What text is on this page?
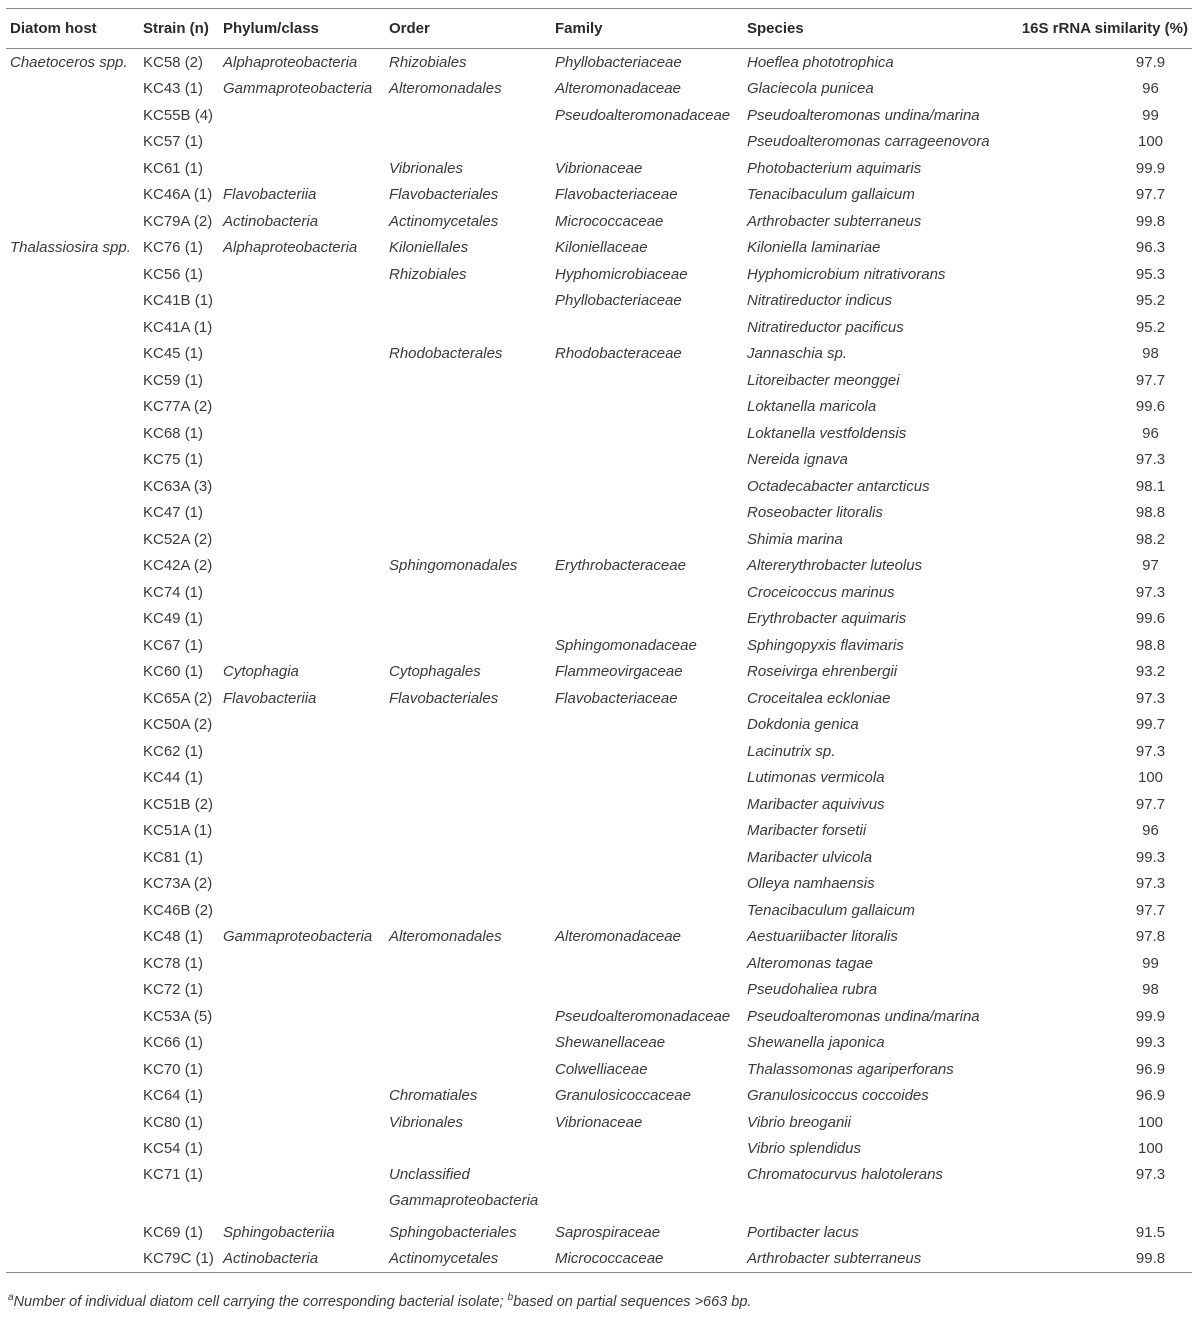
Diatom host	Strain (n)	Phylum/class	Order	Family	Species	16S rRNA similarity (%)
Chaetoceros spp.	KC58 (2)	Alphaproteobacteria	Rhizobiales	Phyllobacteriaceae	Hoeflea phototrophica	97.9
	KC43 (1)	Gammaproteobacteria	Alteromonadales	Alteromonadaceae	Glaciecola punicea	96
	KC55B (4)			Pseudoalteromonadaceae	Pseudoalteromonas undina/marina	99
	KC57 (1)				Pseudoalteromonas carrageenovora	100
	KC61 (1)		Vibrionales	Vibrionaceae	Photobacterium aquimaris	99.9
	KC46A (1)	Flavobacteriia	Flavobacteriales	Flavobacteriaceae	Tenacibaculum gallaicum	97.7
	KC79A (2)	Actinobacteria	Actinomycetales	Micrococcaceae	Arthrobacter subterraneus	99.8
Thalassiosira spp.	KC76 (1)	Alphaproteobacteria	Kiloniellales	Kiloniellaceae	Kiloniella laminariae	96.3
	KC56 (1)		Rhizobiales	Hyphomicrobiaceae	Hyphomicrobium nitrativorans	95.3
	KC41B (1)			Phyllobacteriaceae	Nitratireductor indicus	95.2
	KC41A (1)				Nitratireductor pacificus	95.2
	KC45 (1)		Rhodobacterales	Rhodobacteraceae	Jannaschia sp.	98
	KC59 (1)				Litoreibacter meonggei	97.7
	KC77A (2)				Loktanella maricola	99.6
	KC68 (1)				Loktanella vestfoldensis	96
	KC75 (1)				Nereida ignava	97.3
	KC63A (3)				Octadecabacter antarcticus	98.1
	KC47 (1)				Roseobacter litoralis	98.8
	KC52A (2)				Shimia marina	98.2
	KC42A (2)		Sphingomonadales	Erythrobacteraceae	Altererythrobacter luteolus	97
	KC74 (1)				Croceicoccus marinus	97.3
	KC49 (1)				Erythrobacter aquimaris	99.6
	KC67 (1)			Sphingomonadaceae	Sphingopyxis flavimaris	98.8
	KC60 (1)	Cytophagia	Cytophagales	Flammeovirgaceae	Roseivirga ehrenbergii	93.2
	KC65A (2)	Flavobacteriia	Flavobacteriales	Flavobacteriaceae	Croceitalea eckloniae	97.3
	KC50A (2)				Dokdonia genica	99.7
	KC62 (1)				Lacinutrix sp.	97.3
	KC44 (1)				Lutimonas vermicola	100
	KC51B (2)				Maribacter aquivivus	97.7
	KC51A (1)				Maribacter forsetii	96
	KC81 (1)				Maribacter ulvicola	99.3
	KC73A (2)				Olleya namhaensis	97.3
	KC46B (2)				Tenacibaculum gallaicum	97.7
	KC48 (1)	Gammaproteobacteria	Alteromonadales	Alteromonadaceae	Aestuariibacter litoralis	97.8
	KC78 (1)				Alteromonas tagae	99
	KC72 (1)				Pseudohaliea rubra	98
	KC53A (5)			Pseudoalteromonadaceae	Pseudoalteromonas undina/marina	99.9
	KC66 (1)			Shewanellaceae	Shewanella japonica	99.3
	KC70 (1)			Colwelliaceae	Thalassomonas agariperforans	96.9
	KC64 (1)		Chromatiales	Granulosicoccaceae	Granulosicoccus coccoides	96.9
	KC80 (1)		Vibrionales	Vibrionaceae	Vibrio breoganii	100
	KC54 (1)				Vibrio splendidus	100
	KC71 (1)		Unclassified Gammaproteobacteria		Chromatocurvus halotolerans	97.3
	KC69 (1)	Sphingobacteriia	Sphingobacteriales	Saprospiraceae	Portibacter lacus	91.5
	KC79C (1)	Actinobacteria	Actinomycetales	Micrococcaceae	Arthrobacter subterraneus	99.8
$^a$Number of individual diatom cell carrying the corresponding bacterial isolate; $^b$based on partial sequences >663 bp.
